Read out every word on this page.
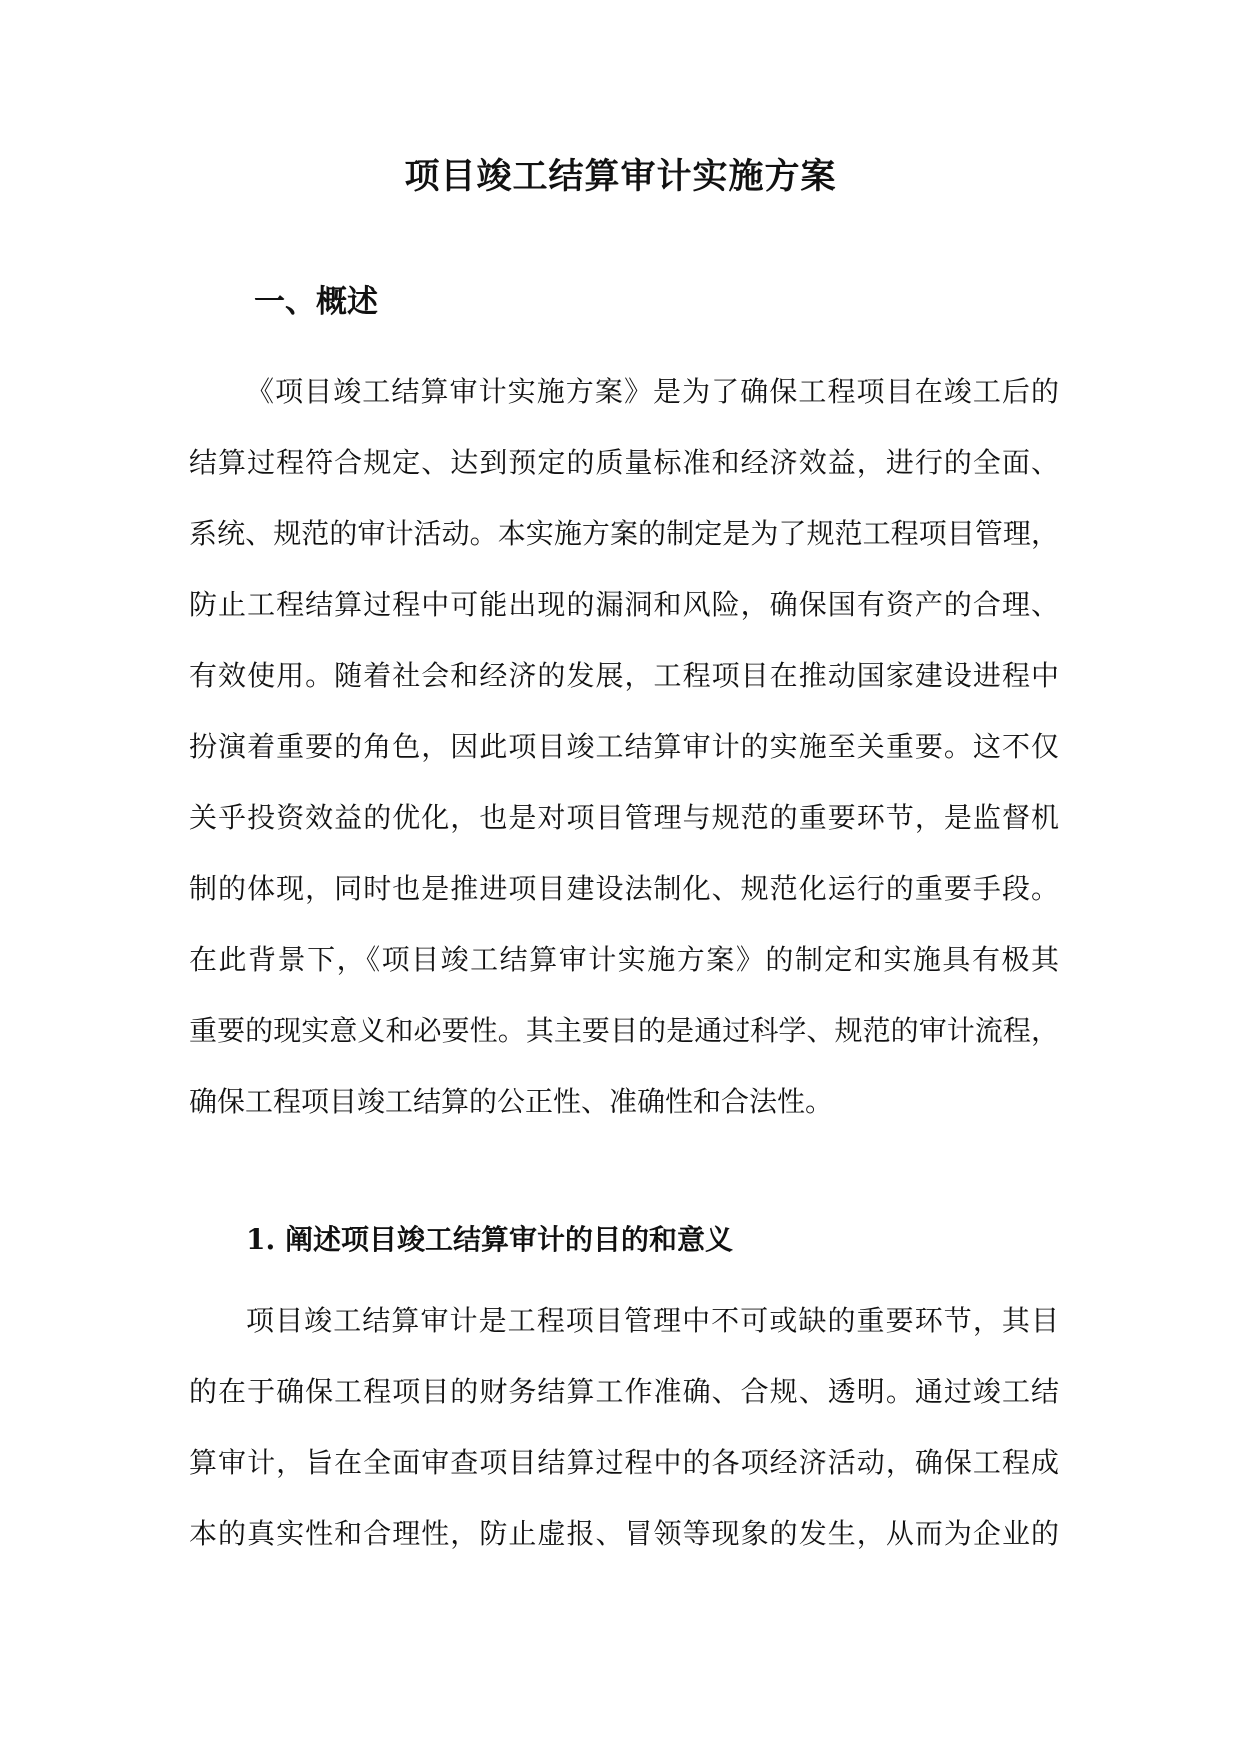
项目竣工结算审计实施方案
一、概述
《项目竣工结算审计实施方案》是为了确保工程项目在竣工后的
结算过程符合规定、达到预定的质量标准和经济效益，进行的全面、
系统、规范的审计活动。本实施方案的制定是为了规范工程项目管理，
防止工程结算过程中可能出现的漏洞和风险，确保国有资产的合理、
有效使用。随着社会和经济的发展，工程项目在推动国家建设进程中
扮演着重要的角色，因此项目竣工结算审计的实施至关重要。这不仅
关乎投资效益的优化，也是对项目管理与规范的重要环节，是监督机
制的体现，同时也是推进项目建设法制化、规范化运行的重要手段。
在此背景下，《项目竣工结算审计实施方案》的制定和实施具有极其
重要的现实意义和必要性。其主要目的是通过科学、规范的审计流程，
确保工程项目竣工结算的公正性、准确性和合法性。
1. 阐述项目竣工结算审计的目的和意义
项目竣工结算审计是工程项目管理中不可或缺的重要环节，其目
的在于确保工程项目的财务结算工作准确、合规、透明。通过竣工结
算审计，旨在全面审查项目结算过程中的各项经济活动，确保工程成
本的真实性和合理性，防止虚报、冒领等现象的发生，从而为企业的
